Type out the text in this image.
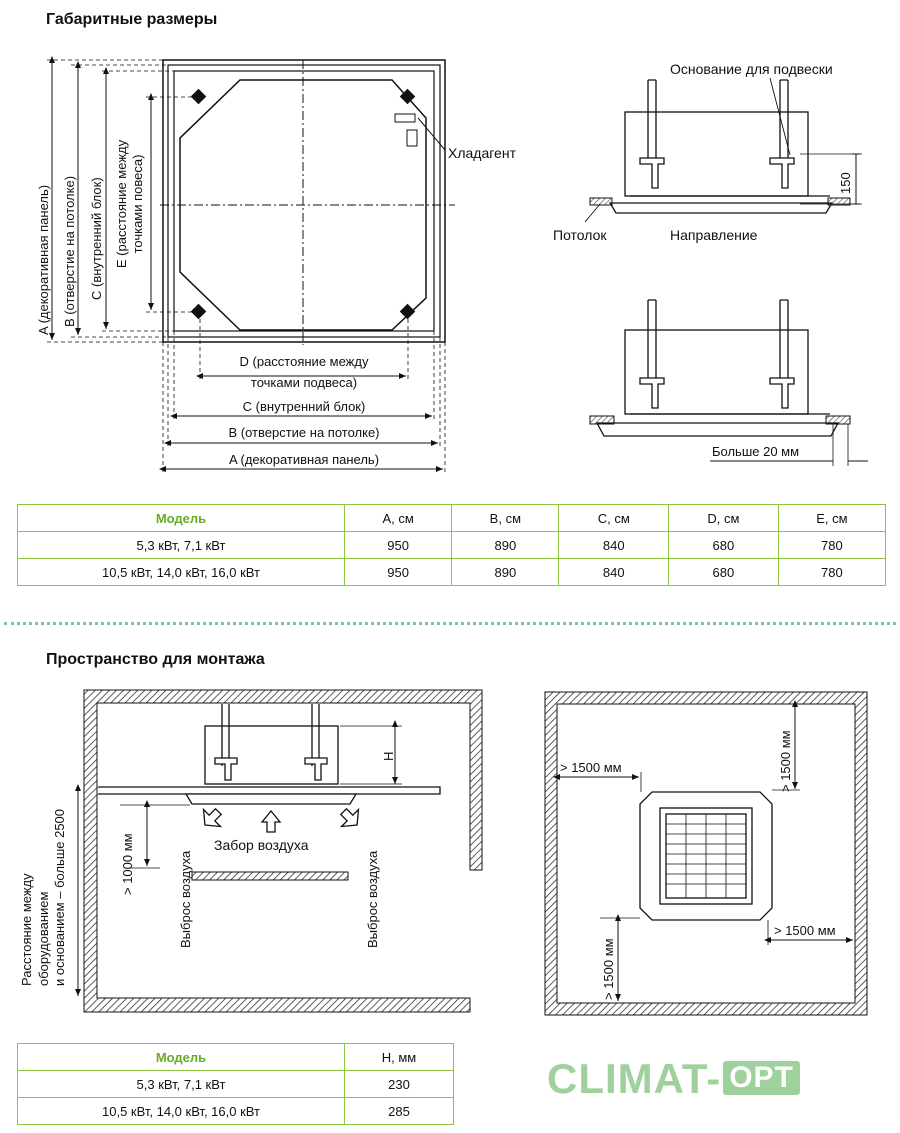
Габаритные размеры
A (декоративная панель) B (отверстие на потолке) C (внутренний блок) E (расстояние между точками повеса)
Хладагент
D (расстояние между
точками подвеса)
C (внутренний блок)
B (отверстие на потолке)
A (декоративная панель)
Основание для подвески
Потолок	Направление
150
Больше 20 мм
Модель	A, см	B, см	C, см	D, см	E, см
5,3 кВт, 7,1 кВт	950	890	840	680	780
10,5 кВт, 14,0 кВт, 16,0 кВт	950	890	840	680	780
Пространство для монтажа
H
> 1000 мм	Забор воздуха
Выброс воздуха	Выброс воздуха
Расстояние между оборудованием и основанием – больше 2500
> 1500 мм	> 1500 мм
> 1500 мм
> 1500 мм
Модель	H, мм
5,3 кВт, 7,1 кВт	230
10,5 кВт, 14,0 кВт, 16,0 кВт	285
CLIMAT- OPT
